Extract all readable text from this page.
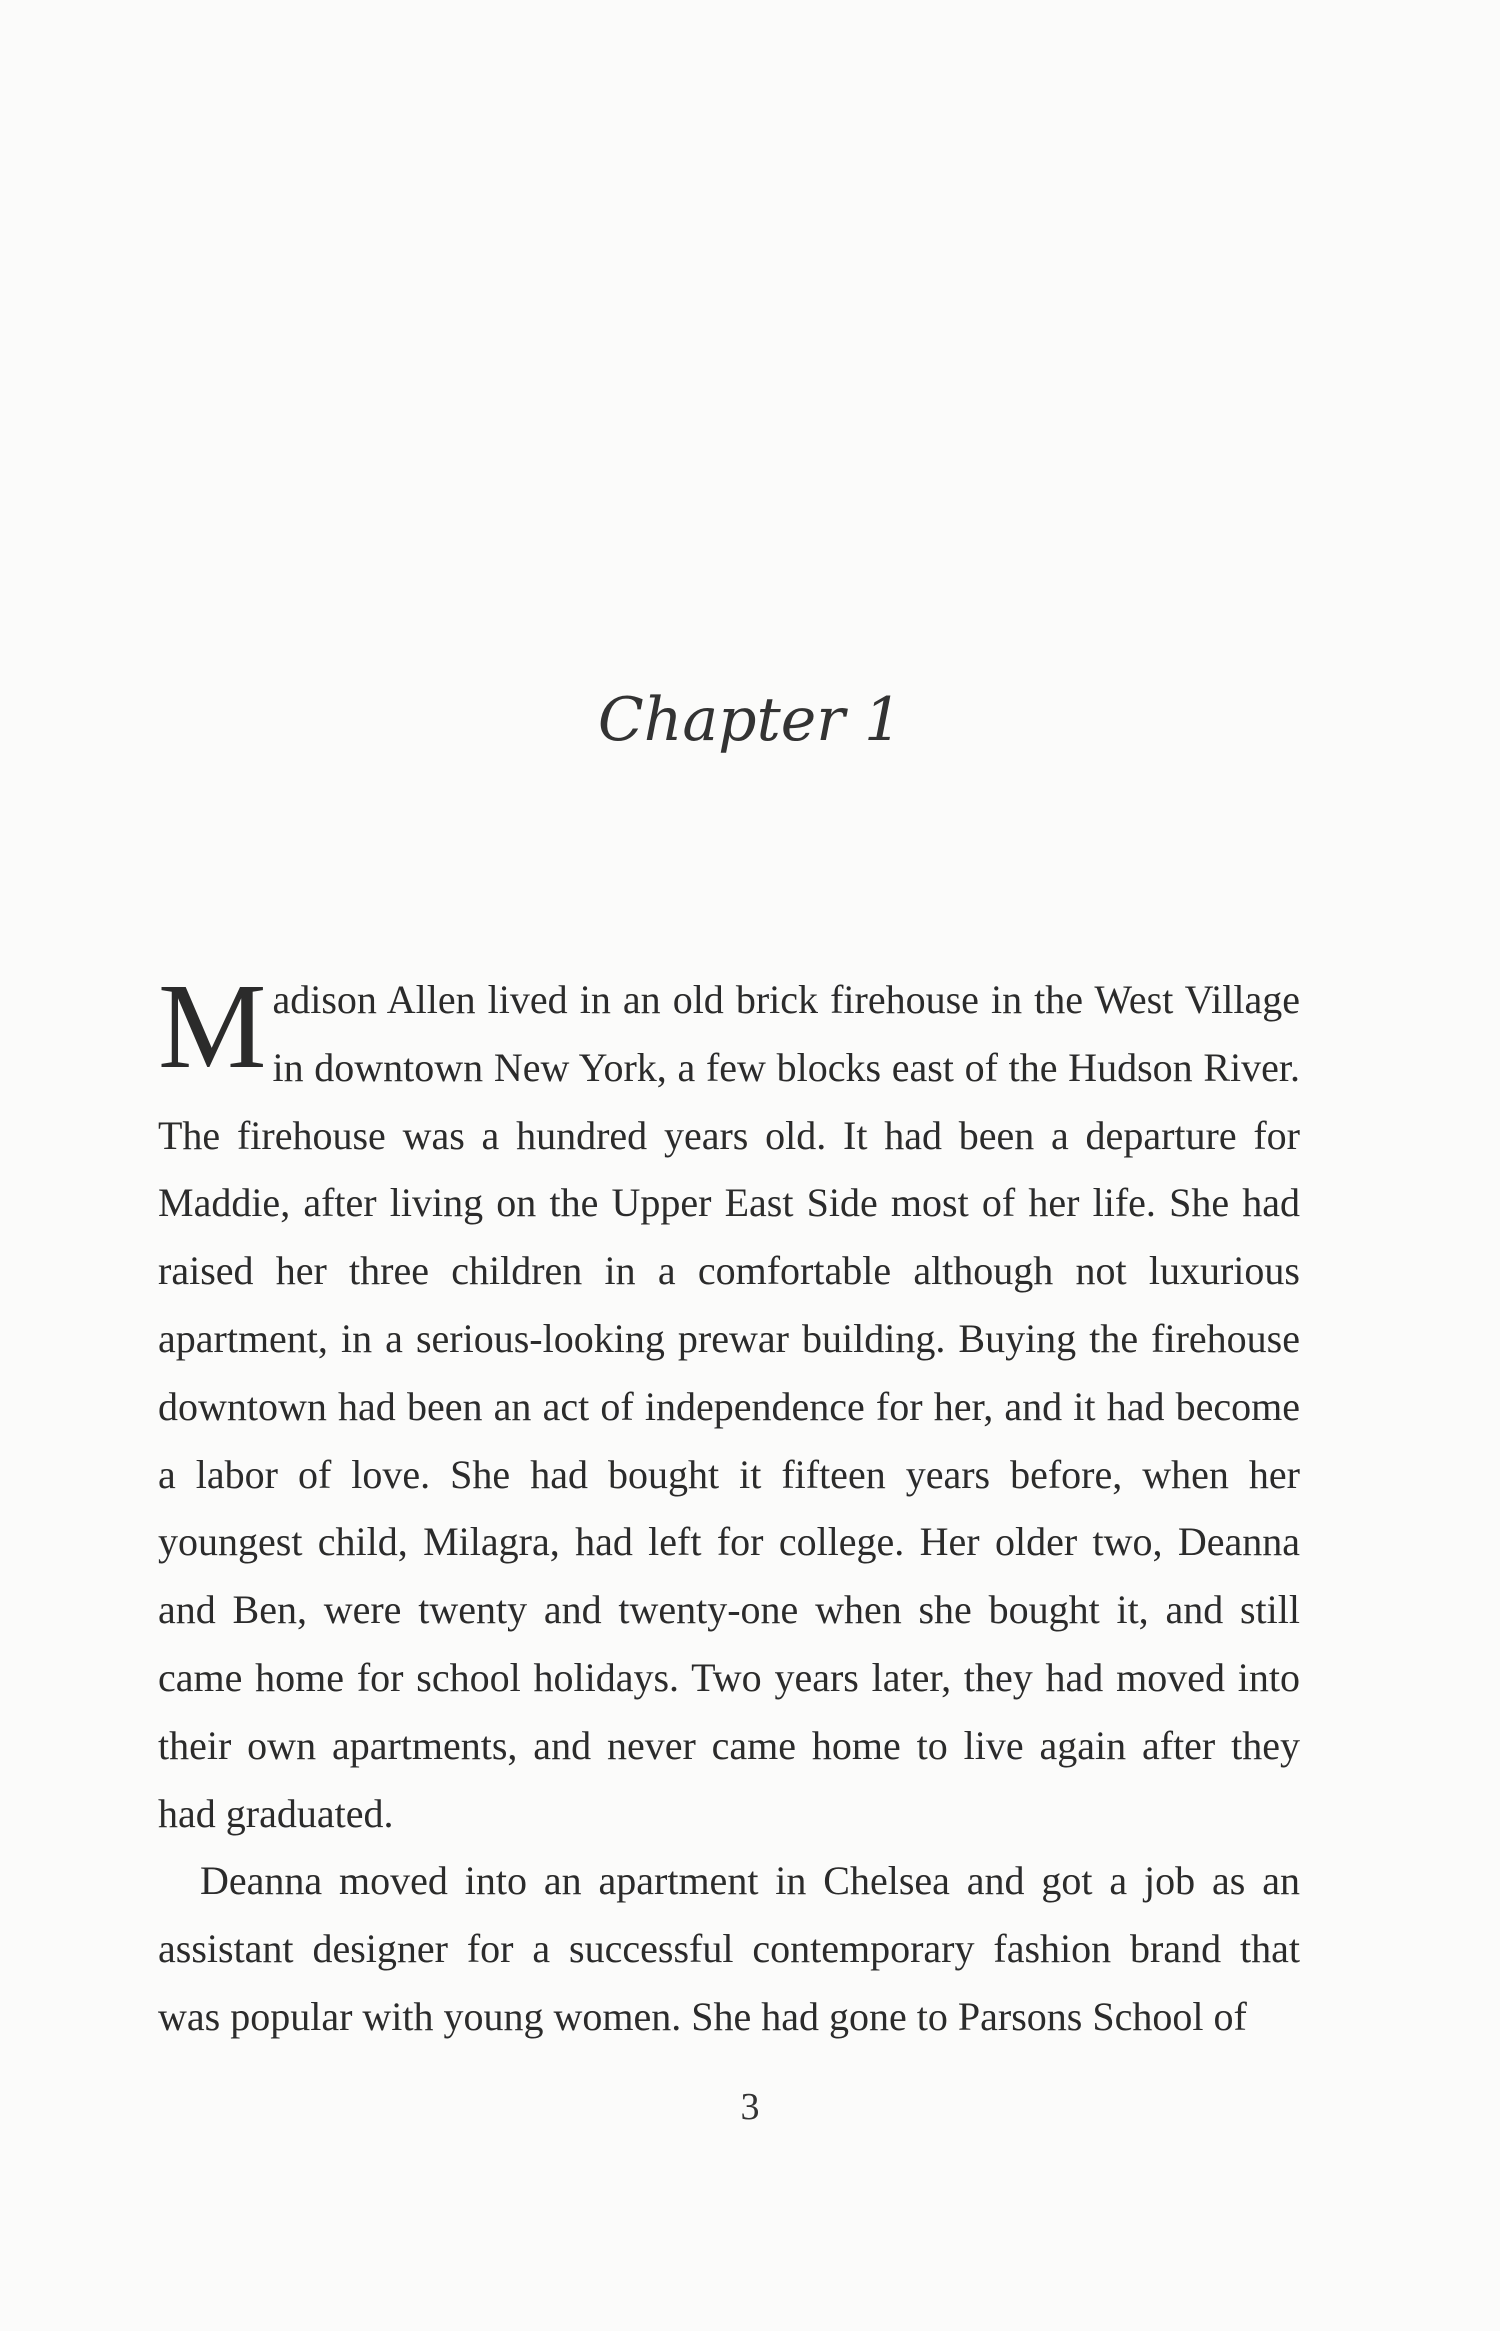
Chapter 1

Madison Allen lived in an old brick firehouse in the West Village in downtown New York, a few blocks east of the Hudson River. The firehouse was a hundred years old. It had been a departure for Maddie, after living on the Upper East Side most of her life. She had raised her three children in a comfortable although not luxurious apartment, in a serious-looking prewar building. Buying the firehouse downtown had been an act of independence for her, and it had become a labor of love. She had bought it fifteen years before, when her youngest child, Milagra, had left for college. Her older two, Deanna and Ben, were twenty and twenty-one when she bought it, and still came home for school holidays. Two years later, they had moved into their own apartments, and never came home to live again after they had graduated.

Deanna moved into an apartment in Chelsea and got a job as an assistant designer for a successful contemporary fashion brand that was popular with young women. She had gone to Parsons School of

3
